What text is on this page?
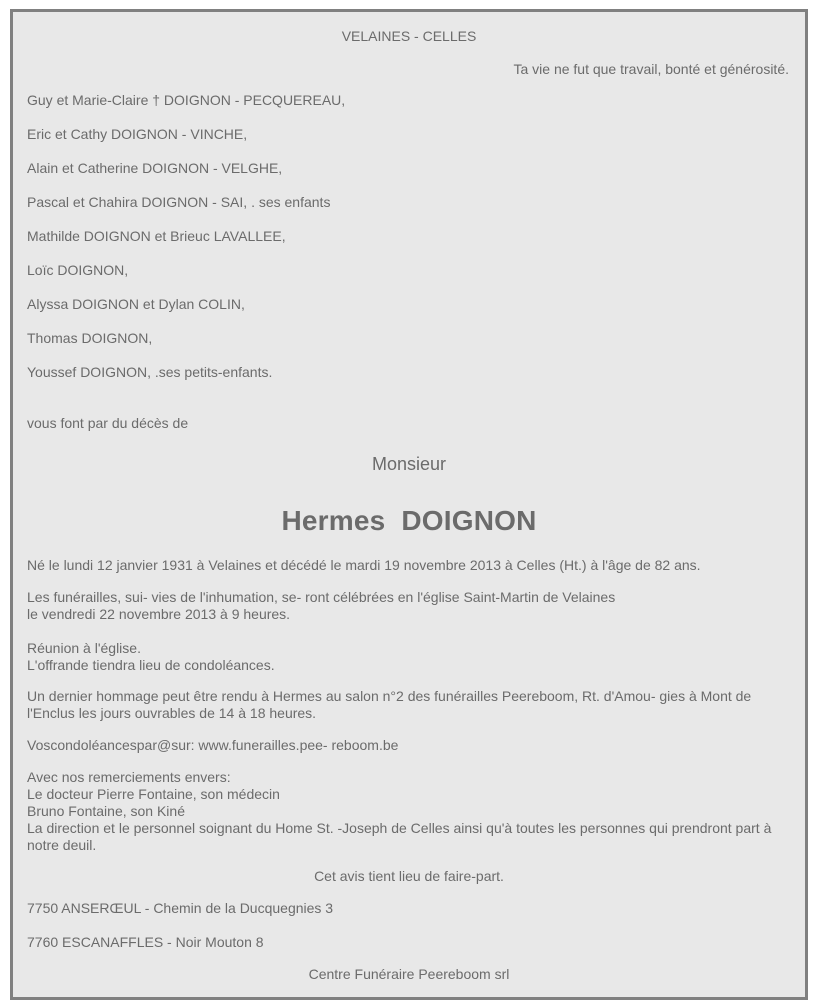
VELAINES - CELLES
Ta vie ne fut que travail, bonté et générosité.
Guy et Marie-Claire † DOIGNON - PECQUEREAU,
Eric et Cathy DOIGNON - VINCHE,
Alain et Catherine DOIGNON - VELGHE,
Pascal et Chahira DOIGNON - SAI, . ses enfants
Mathilde DOIGNON et Brieuc LAVALLEE,
Loïc DOIGNON,
Alyssa DOIGNON et Dylan COLIN,
Thomas DOIGNON,
Youssef DOIGNON, .ses petits-enfants.
vous font par du décès de
Monsieur
Hermes  DOIGNON

Né le lundi 12 janvier 1931 à Velaines et décédé le mardi 19 novembre 2013 à Celles (Ht.) à l'âge de 82 ans.

Les funérailles, sui- vies de l'inhumation, se- ront célébrées en l'église Saint-Martin de Velaines

le vendredi 22 novembre 2013 à 9 heures.

Réunion à l'église.

L'offrande tiendra lieu de condoléances.

Un dernier hommage peut être rendu à Hermes au salon n°2 des funérailles Peereboom, Rt. d'Amou- gies à Mont de l'Enclus les jours ouvrables de 14 à 18 heures.

Voscondoléancespar@sur: www.funerailles.pee- reboom.be

Avec nos remerciements envers:

Le docteur Pierre Fontaine, son médecin

Bruno Fontaine, son Kiné

La direction et le personnel soignant du Home St. -Joseph de Celles ainsi qu'à toutes les personnes qui prendront part à notre deuil.

Cet avis tient lieu de faire-part.
7750 ANSERŒUL - Chemin de la Ducquegnies 3
7760 ESCANAFFLES - Noir Mouton 8
Centre Funéraire Peereboom srl
